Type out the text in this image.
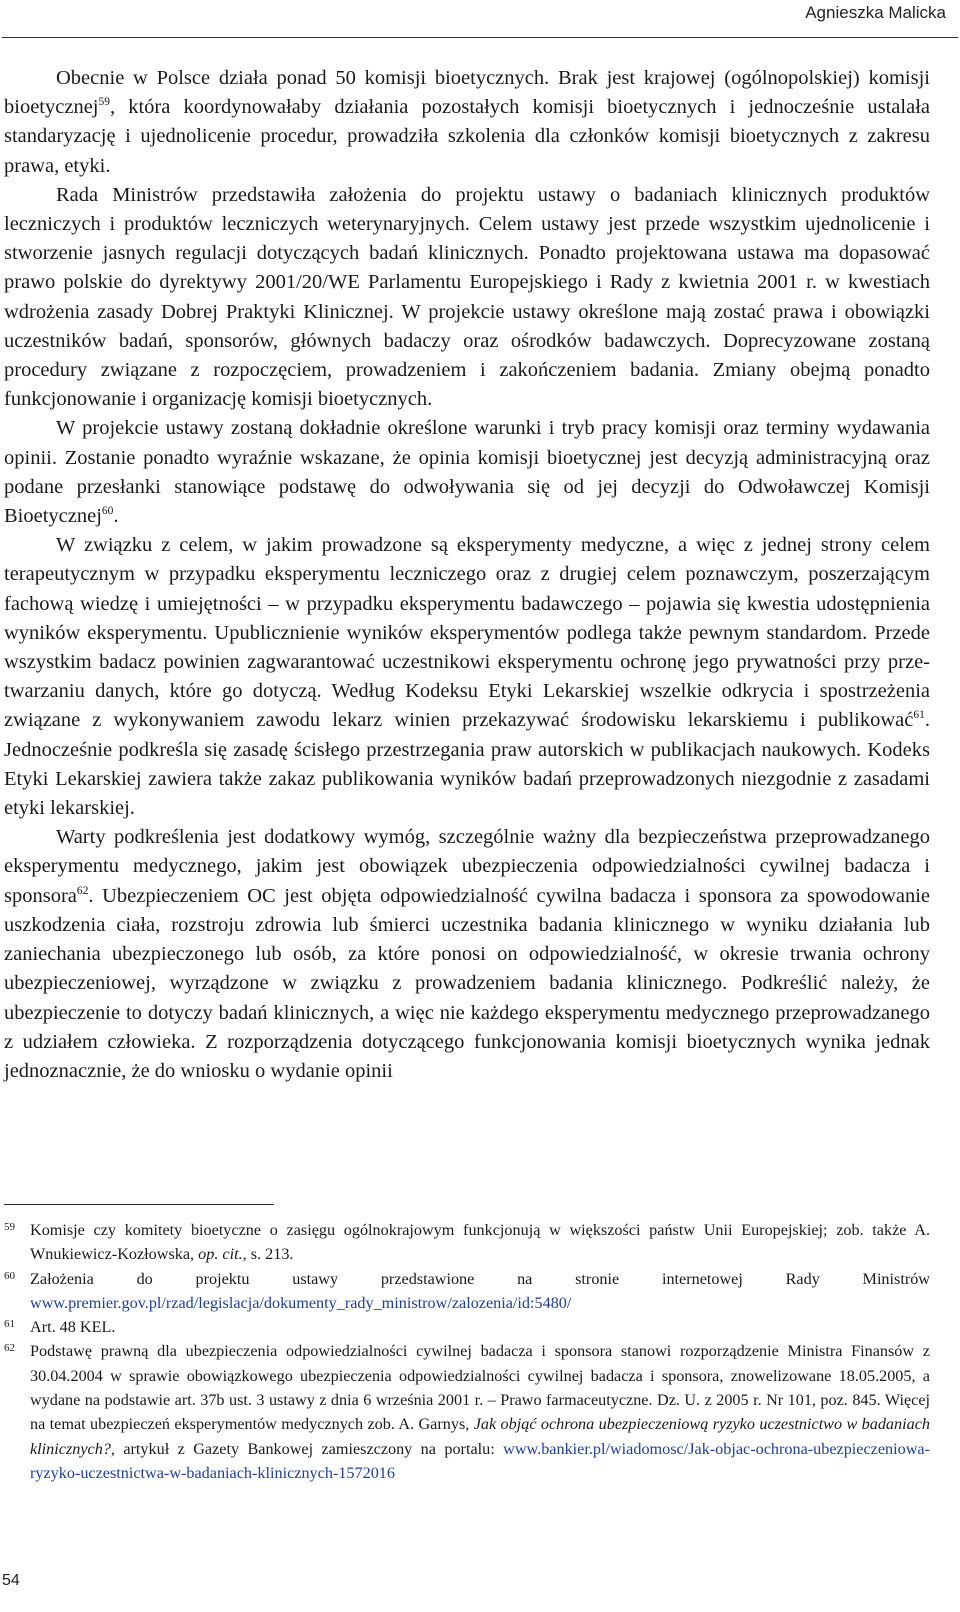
Agnieszka Malicka

Obecnie w Polsce działa ponad 50 komisji bioetycznych. Brak jest krajowej (ogólnopolskiej) komisji bioetycznej$^{59}$, która koordynowałaby działania pozostałych komisji bioetycznych i jednocześnie ustalała standaryzację i ujednolicenie procedur, prowadziła szkolenia dla członków komisji bioetycznych z zakresu prawa, etyki.

Rada Ministrów przedstawiła założenia do projektu ustawy o badaniach klinicznych produktów leczniczych i produktów leczniczych weterynaryjnych. Celem ustawy jest przede wszystkim ujednolicenie i stworzenie jasnych regulacji dotyczących badań klinicznych. Ponadto projektowana ustawa ma dopasować prawo polskie do dyrektywy 2001/20/WE Parlamentu Europejskiego i Rady z kwietnia 2001 r. w kwestiach wdrożenia zasady Dobrej Praktyki Klinicznej. W projekcie ustawy określone mają zostać prawa i obowiązki uczestników badań, sponsorów, głównych badaczy oraz ośrodków badawczych. Doprecyzowane zostaną procedury związane z rozpoczęciem, prowadzeniem i zakończeniem badania. Zmiany obejmą ponadto funkcjonowanie i organizację komisji bioetycznych.

W projekcie ustawy zostaną dokładnie określone warunki i tryb pracy komisji oraz terminy wydawania opinii. Zostanie ponadto wyraźnie wskazane, że opinia komisji bioetycznej jest decyzją administracyjną oraz podane przesłanki stanowiące podstawę do odwoływania się od jej decyzji do Odwoławczej Komisji Bioetycznej$^{60}$.

W związku z celem, w jakim prowadzone są eksperymenty medyczne, a więc z jednej strony celem terapeutycznym w przypadku eksperymentu leczniczego oraz z drugiej celem poznawczym, poszerzającym fachową wiedzę i umiejętności – w przypadku eksperymentu badawczego – pojawia się kwestia udostępnienia wyników eksperymentu. Upublicznienie wyników eksperymentów podlega także pewnym standardom. Przede wszystkim badacz powinien zagwarantować uczestnikowi eksperymentu ochronę jego prywatności przy przetwarzaniu danych, które go dotyczą. Według Kodeksu Etyki Lekarskiej wszelkie odkrycia i spostrzeżenia związane z wykonywaniem zawodu lekarz winien przekazywać środowisku lekarskiemu i publikować$^{61}$. Jednocześnie podkreśla się zasadę ścisłego przestrzegania praw autorskich w publikacjach naukowych. Kodeks Etyki Lekarskiej zawiera także zakaz publikowania wyników badań przeprowadzonych niezgodnie z zasadami etyki lekarskiej.

Warty podkreślenia jest dodatkowy wymóg, szczególnie ważny dla bezpieczeństwa przeprowadzanego eksperymentu medycznego, jakim jest obowiązek ubezpieczenia odpowiedzialności cywilnej badacza i sponsora$^{62}$. Ubezpieczeniem OC jest objęta odpowiedzialność cywilna badacza i sponsora za spowodowanie uszkodzenia ciała, rozstroju zdrowia lub śmierci uczestnika badania klinicznego w wyniku działania lub zaniechania ubezpieczonego lub osób, za które ponosi on odpowiedzialność, w okresie trwania ochrony ubezpieczeniowej, wyrządzone w związku z prowadzeniem badania klinicznego. Podkreślić należy, że ubezpieczenie to dotyczy badań klinicznych, a więc nie każdego eksperymentu medycznego przeprowadzanego z udziałem człowieka. Z rozporządzenia dotyczącego funkcjonowania komisji bioetycznych wynika jednak jednoznacznie, że do wniosku o wydanie opinii

59 Komisje czy komitety bioetyczne o zasięgu ogólnokrajowym funkcjonują w większości państw Unii Europejskiej; zob. także A. Wnukiewicz-Kozłowska, op. cit., s. 213.
60 Założenia do projektu ustawy przedstawione na stronie internetowej Rady Ministrów www.premier.gov.pl/rzad/legislacja/dokumenty_rady_ministrow/zalozenia/id:5480/
61 Art. 48 KEL.
62 Podstawę prawną dla ubezpieczenia odpowiedzialności cywilnej badacza i sponsora stanowi rozporządzenie Ministra Finansów z 30.04.2004 w sprawie obowiązkowego ubezpieczenia odpowiedzialności cywilnej badacza i sponsora, znowelizowane 18.05.2005, a wydane na podstawie art. 37b ust. 3 ustawy z dnia 6 września 2001 r. – Prawo farmaceutyczne. Dz. U. z 2005 r. Nr 101, poz. 845. Więcej na temat ubezpieczeń eksperymentów medycznych zob. A. Garnys, Jak objąć ochrona ubezpieczeniową ryzyko uczestnictwo w badaniach klinicznych?, artykuł z Gazety Bankowej zamieszczony na portalu: www.bankier.pl/wiadomosc/Jak-objac-ochrona-ubezpieczeniowa-ryzyko-uczestnictwa-w-badaniach-klinicznych-1572016
54
